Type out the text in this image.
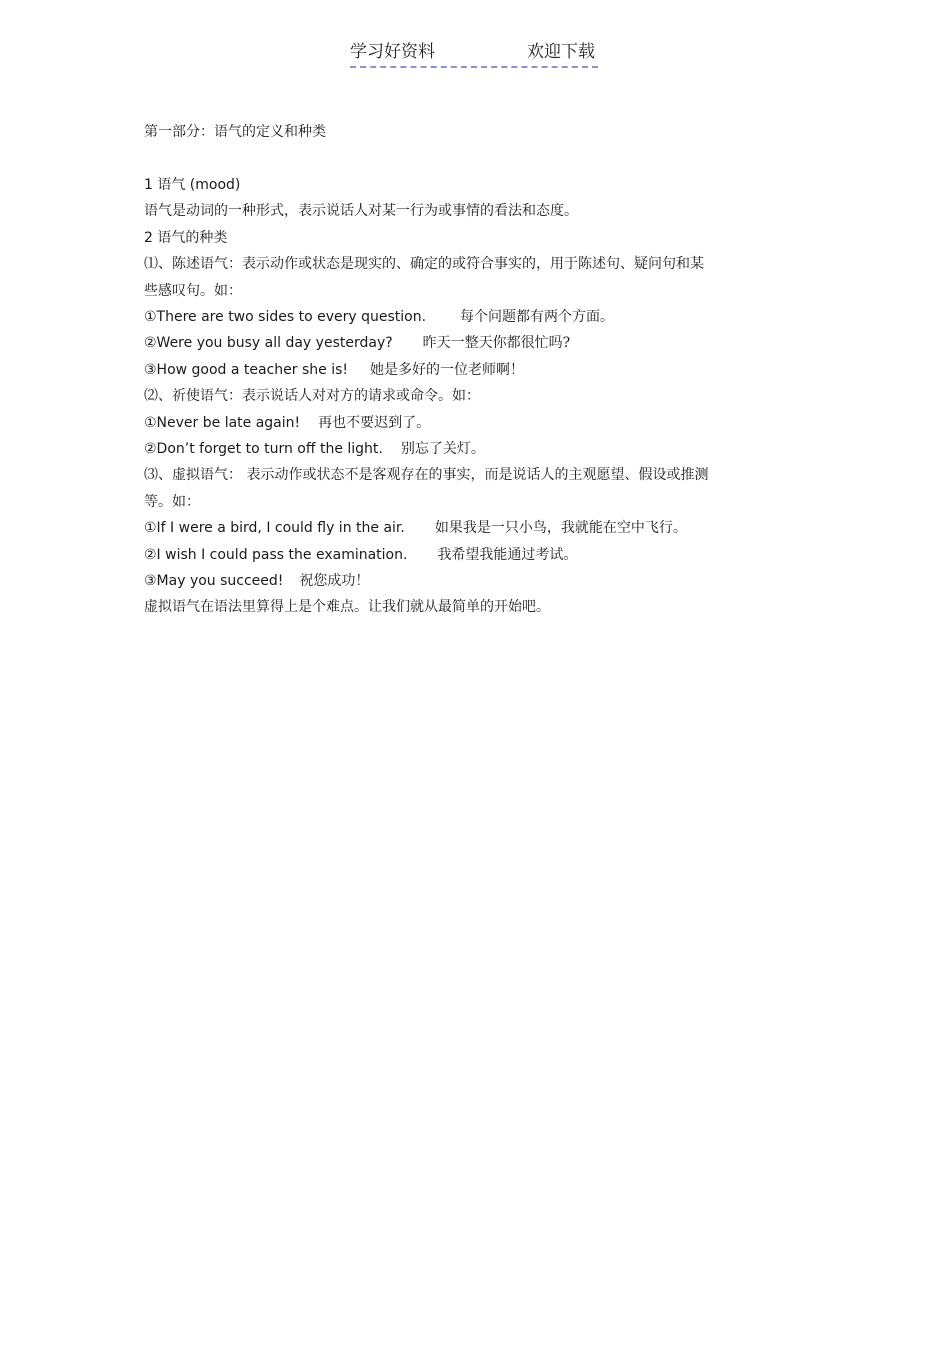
学习好资料	欢迎下载
第一部分：语气的定义和种类
1 语气 (mood)
语气是动词的一种形式，表示说话人对某一行为或事情的看法和态度。
2 语气的种类
⑴、陈述语气：表示动作或状态是现实的、确定的或符合事实的，用于陈述句、疑问句和某
些感叹句。如：
①There are two sides to every question. 每个问题都有两个方面。
②Were you busy all day yesterday? 昨天一整天你都很忙吗?
③How good a teacher she is! 她是多好的一位老师啊！
⑵、祈使语气：表示说话人对对方的请求或命令。如：
①Never be late again! 再也不要迟到了。
②Don’t forget to turn off the light. 别忘了关灯。
⑶、虚拟语气： 表示动作或状态不是客观存在的事实，而是说话人的主观愿望、假设或推测
等。如：
①If I were a bird, I could fly in the air. 如果我是一只小鸟，我就能在空中飞行。
②I wish I could pass the examination. 我希望我能通过考试。
③May you succeed! 祝您成功！
虚拟语气在语法里算得上是个难点。让我们就从最简单的开始吧。
